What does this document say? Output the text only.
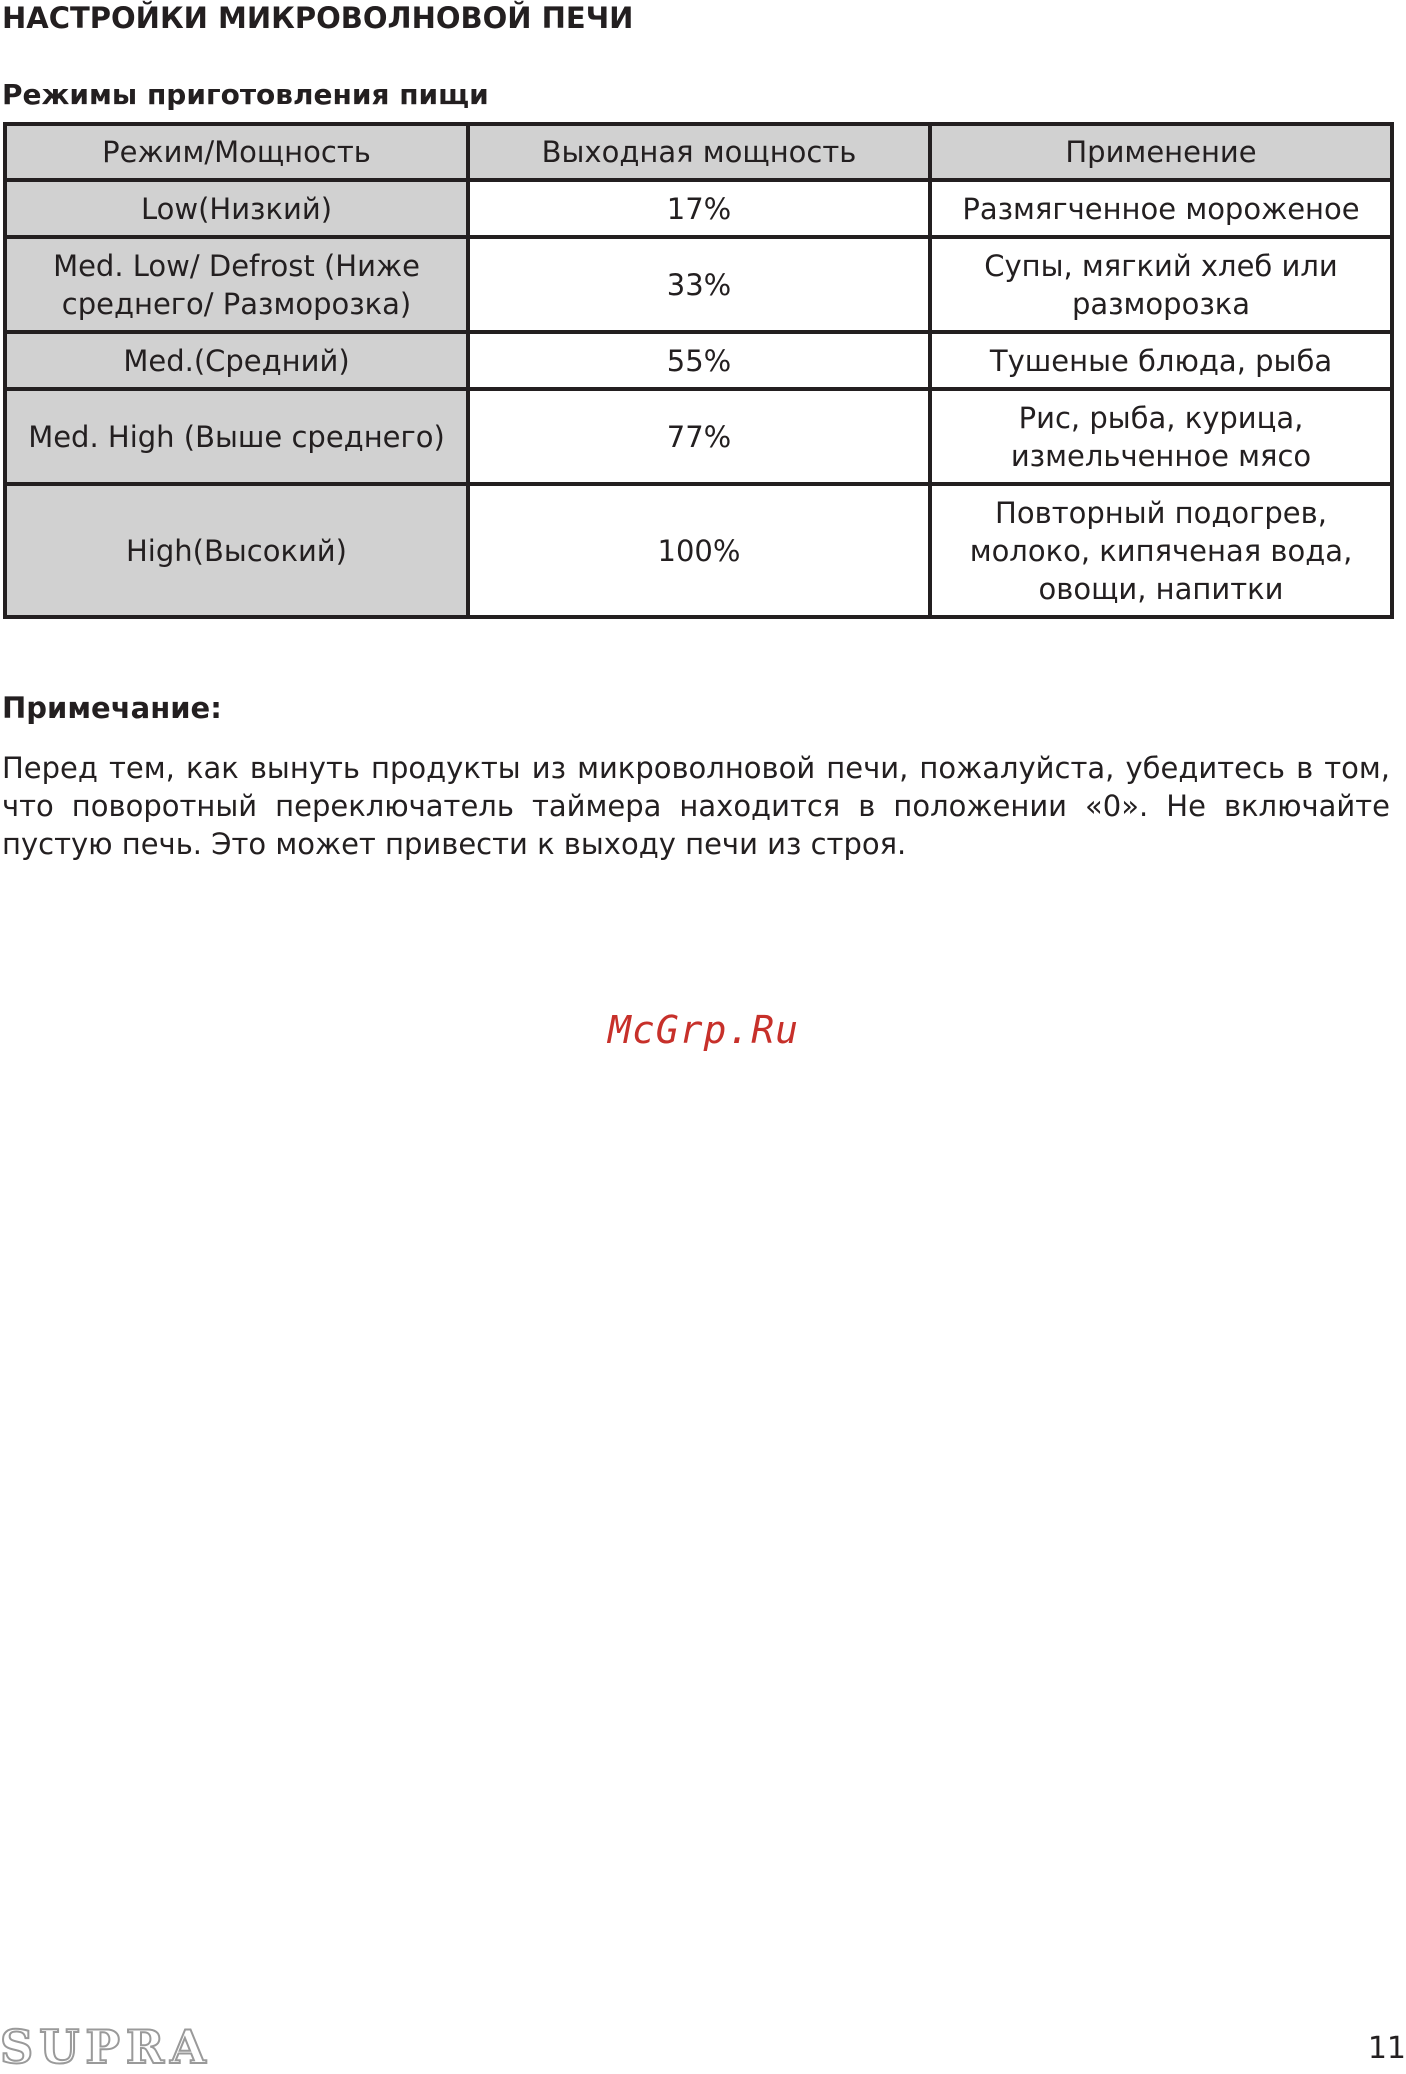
НАСТРОЙКИ МИКРОВОЛНОВОЙ ПЕЧИ
Режимы приготовления пищи
Режим/Мощность	Выходная мощность	Применение
Low(Низкий)	17%	Размягченное мороженое
Med. Low/ Defrost (Ниже среднего/ Разморозка)	33%	Супы, мягкий хлеб или разморозка
Med.(Средний)	55%	Тушеные блюда, рыба
Med. High (Выше среднего)	77%	Рис, рыба, курица, измельченное мясо
High(Высокий)	100%	Повторный подогрев, молоко, кипяченая вода, овощи, напитки
Примечание:

Перед тем, как вынуть продукты из микроволновой печи, пожалуйста, убедитесь в том, что поворотный переключатель таймера находится в положении «0». Не включайте пустую печь. Это может привести к выходу печи из строя.

McGrp.Ru
SUPRA	11
